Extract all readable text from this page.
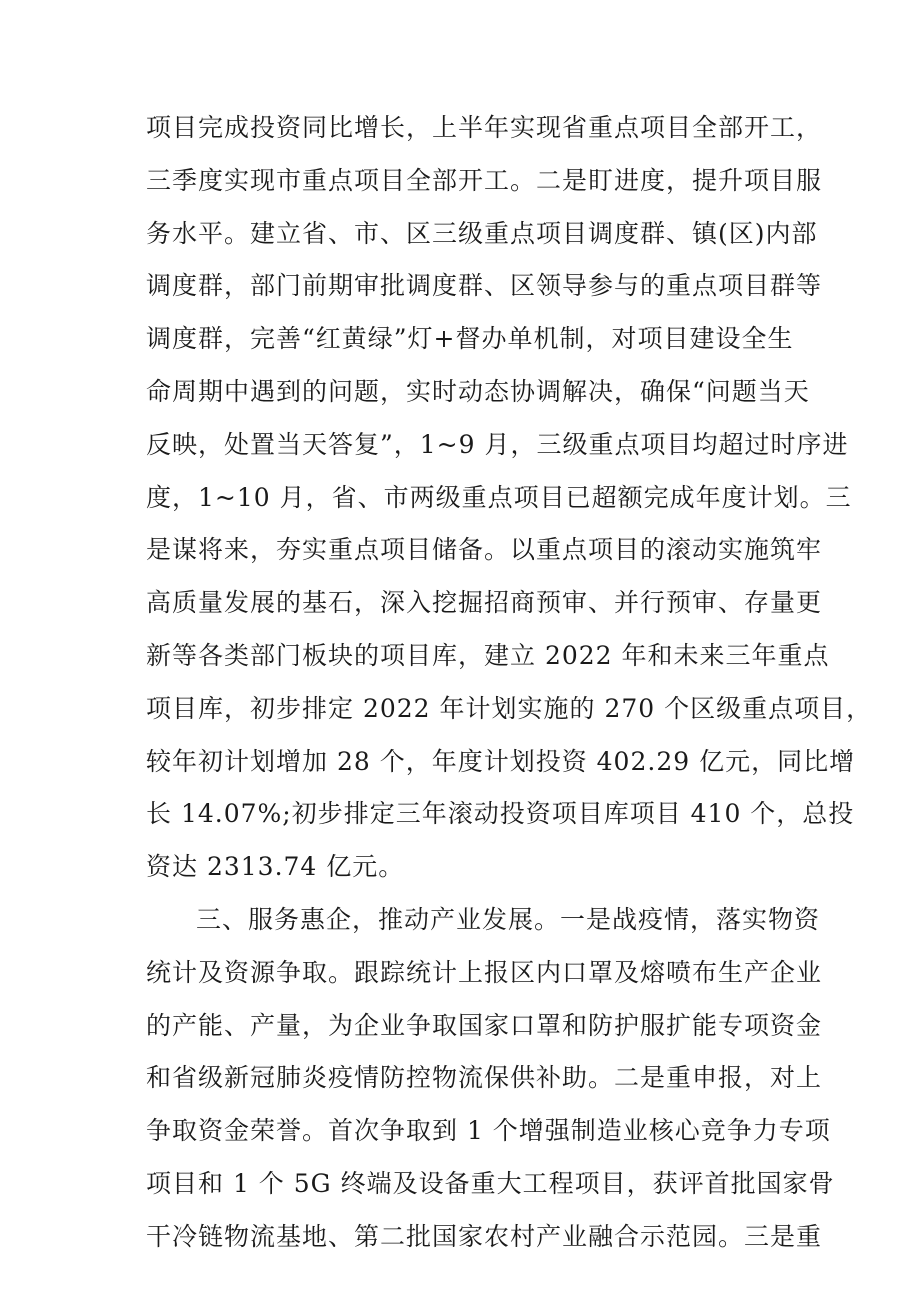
项目完成投资同比增长，上半年实现省重点项目全部开工，
三季度实现市重点项目全部开工。二是盯进度，提升项目服
务水平。建立省、市、区三级重点项目调度群、镇(区)内部
调度群，部门前期审批调度群、区领导参与的重点项目群等
调度群，完善“红黄绿”灯+督办单机制，对项目建设全生
命周期中遇到的问题，实时动态协调解决，确保“问题当天
反映，处置当天答复”，1~9 月，三级重点项目均超过时序进
度，1~10 月，省、市两级重点项目已超额完成年度计划。三
是谋将来，夯实重点项目储备。以重点项目的滚动实施筑牢
高质量发展的基石，深入挖掘招商预审、并行预审、存量更
新等各类部门板块的项目库，建立 2022 年和未来三年重点
项目库，初步排定 2022 年计划实施的 270 个区级重点项目，
较年初计划增加 28 个，年度计划投资 402.29 亿元，同比增
长 14.07%;初步排定三年滚动投资项目库项目 410 个，总投
资达 2313.74 亿元。
三、服务惠企，推动产业发展。一是战疫情，落实物资
统计及资源争取。跟踪统计上报区内口罩及熔喷布生产企业
的产能、产量，为企业争取国家口罩和防护服扩能专项资金
和省级新冠肺炎疫情防控物流保供补助。二是重申报，对上
争取资金荣誉。首次争取到 1 个增强制造业核心竞争力专项
项目和 1 个 5G 终端及设备重大工程项目，获评首批国家骨
干冷链物流基地、第二批国家农村产业融合示范园。三是重
